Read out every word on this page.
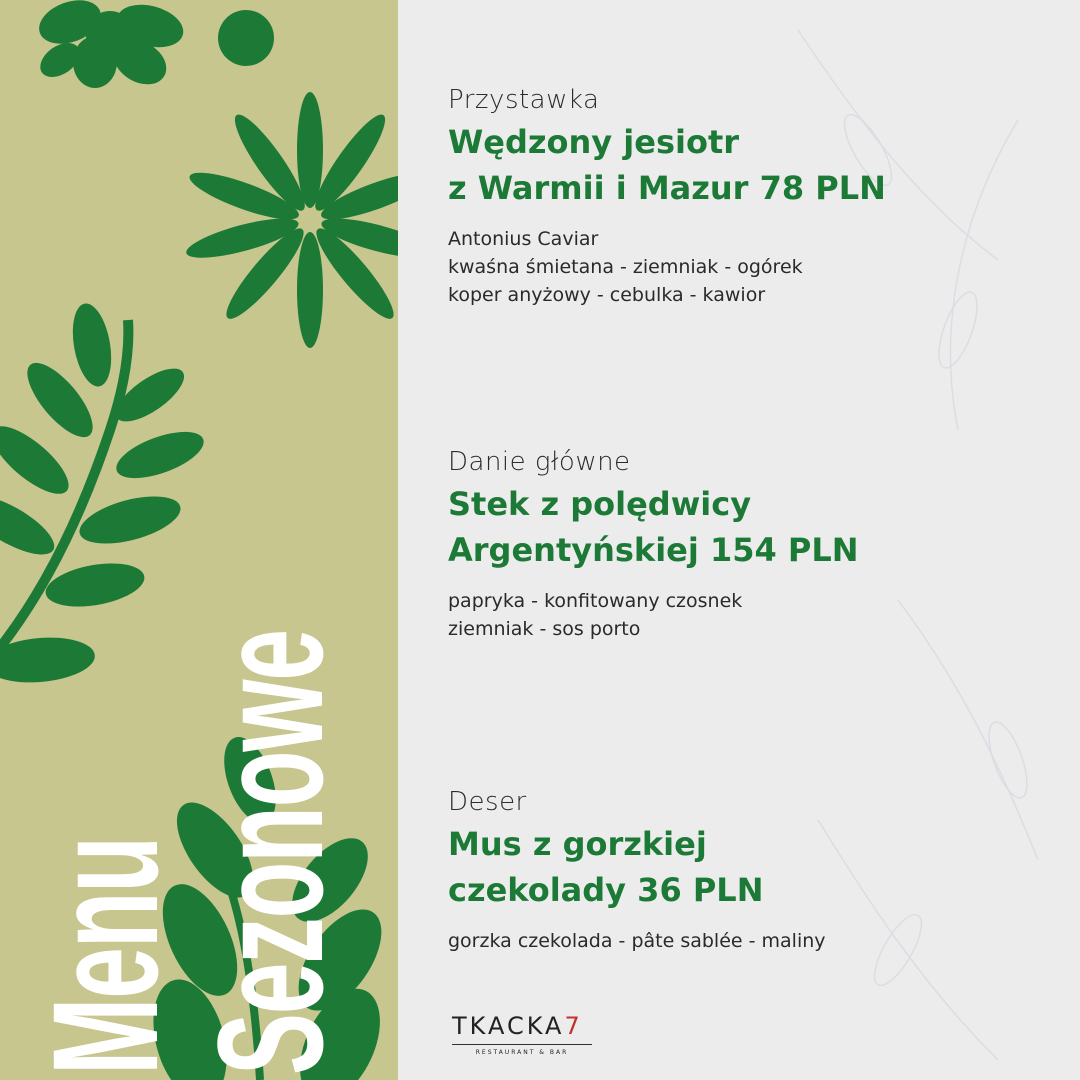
Menu
Sezonowe
Przystawka
Wędzony jesiotr
z Warmii i Mazur 78 PLN
Antonius Caviar
kwaśna śmietana - ziemniak - ogórek
koper anyżowy - cebulka - kawior
Danie główne
Stek z polędwicy
Argentyńskiej 154 PLN
papryka - konfitowany czosnek
ziemniak - sos porto
Deser
Mus z gorzkiej
czekolady 36 PLN
gorzka czekolada - pâte sablée - maliny
TKACKA7
RESTAURANT & BAR
